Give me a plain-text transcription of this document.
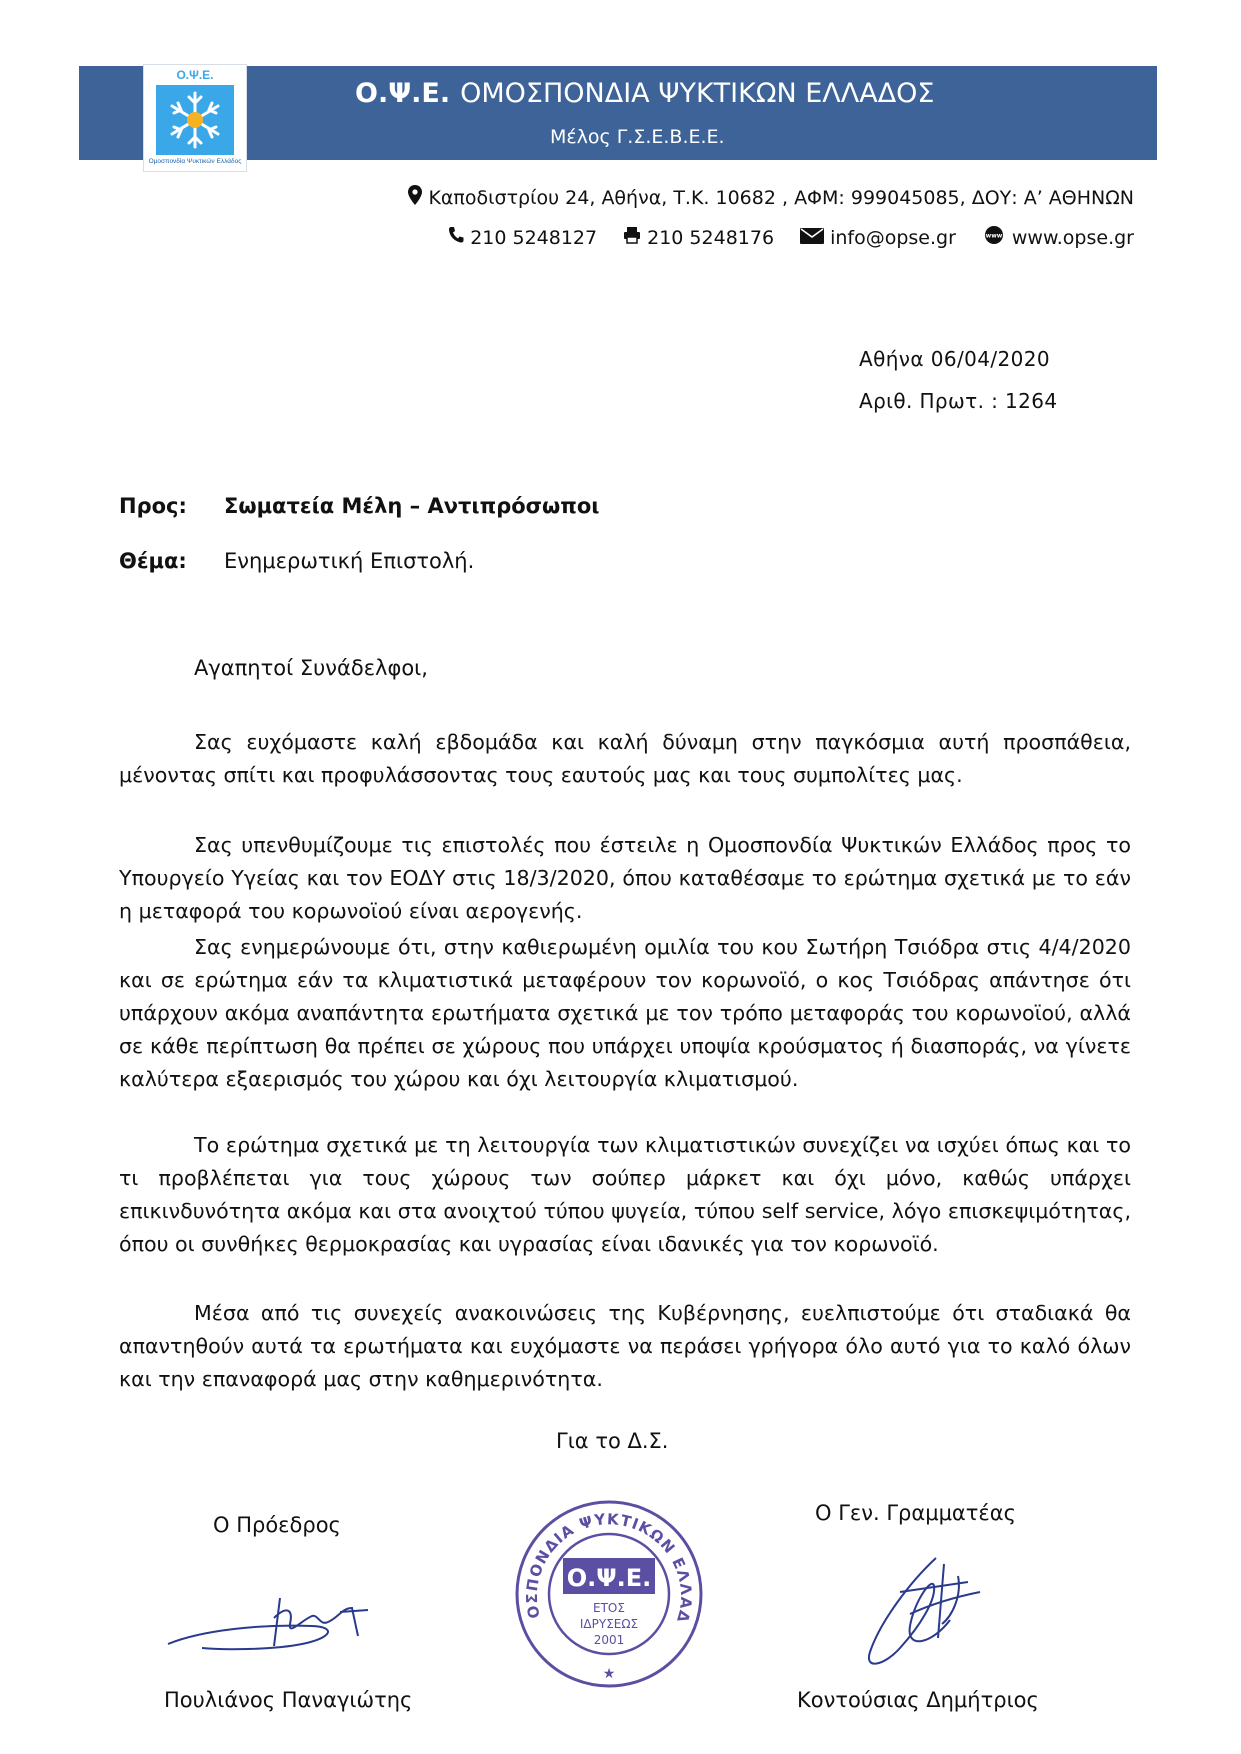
Ο.Ψ.Ε.
Ομοσπονδία Ψυκτικών Ελλάδος
Ο.Ψ.Ε. ΟΜΟΣΠΟΝΔΙΑ ΨΥΚΤΙΚΩΝ ΕΛΛΑΔΟΣ
Μέλος Γ.Σ.Ε.Β.Ε.Ε.
Καποδιστρίου 24, Αθήνα, Τ.Κ. 10682 , ΑΦΜ: 999045085, ΔΟΥ: Α’ ΑΘΗΝΩΝ
210 5248127	210 5248176	info@opse.gr	www www.opse.gr
Αθήνα 06/04/2020
Αριθ. Πρωτ. : 1264
Προς: Σωματεία Μέλη – Αντιπρόσωποι
Θέμα: Ενημερωτική Επιστολή.
Αγαπητοί Συνάδελφοι,

Σας ευχόμαστε καλή εβδομάδα και καλή δύναμη στην παγκόσμια αυτή προσπάθεια, μένοντας σπίτι και προφυλάσσοντας τους εαυτούς μας και τους συμπολίτες μας.

Σας υπενθυμίζουμε τις επιστολές που έστειλε η Ομοσπονδία Ψυκτικών Ελλάδος προς το Υπουργείο Υγείας και τον ΕΟΔΥ στις 18/3/2020, όπου καταθέσαμε το ερώτημα σχετικά με το εάν η μεταφορά του κορωνοϊού είναι αερογενής.

Σας ενημερώνουμε ότι, στην καθιερωμένη ομιλία του κου Σωτήρη Τσιόδρα στις 4/4/2020 και σε ερώτημα εάν τα κλιματιστικά μεταφέρουν τον κορωνοϊό, ο κος Τσιόδρας απάντησε ότι υπάρχουν ακόμα αναπάντητα ερωτήματα σχετικά με τον τρόπο μεταφοράς του κορωνοϊού, αλλά σε κάθε περίπτωση θα πρέπει σε χώρους που υπάρχει υποψία κρούσματος ή διασποράς, να γίνετε καλύτερα εξαερισμός του χώρου και όχι λειτουργία κλιματισμού.

Το ερώτημα σχετικά με τη λειτουργία των κλιματιστικών συνεχίζει να ισχύει όπως και το τι προβλέπεται για τους χώρους των σούπερ μάρκετ και όχι μόνο, καθώς υπάρχει επικινδυνότητα ακόμα και στα ανοιχτού τύπου ψυγεία, τύπου self service, λόγο επισκεψιμότητας, όπου οι συνθήκες θερμοκρασίας και υγρασίας είναι ιδανικές για τον κορωνοϊό.

Μέσα από τις συνεχείς ανακοινώσεις της Κυβέρνησης, ευελπιστούμε ότι σταδιακά θα απαντηθούν αυτά τα ερωτήματα και ευχόμαστε να περάσει γρήγορα όλο αυτό για το καλό όλων και την επαναφορά μας στην καθημερινότητα.

Για το Δ.Σ.
Ο Πρόεδρος	Ο Γεν. Γραμματέας
Πουλιάνος Παναγιώτης	Κοντούσιας Δημήτριος
ΟΣΠΟΝΔΙΑ ΨΥΚΤΙΚΩΝ ΕΛΛΑΔ
Ο.Ψ.Ε.
ΕΤΟΣ
ΙΔΡΥΣΕΩΣ
2001
★
